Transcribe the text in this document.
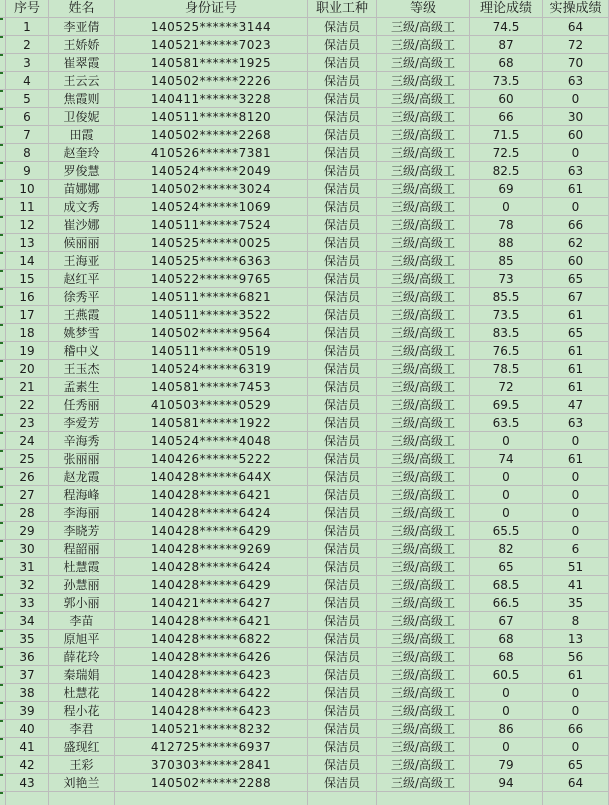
序号	姓名	身份证号	职业工种	等级	理论成绩	实操成绩
1	李亚倩	140525******3144	保洁员	三级/高级工	74.5	64
2	王娇娇	140521******7023	保洁员	三级/高级工	87	72
3	崔翠霞	140581******1925	保洁员	三级/高级工	68	70
4	王云云	140502******2226	保洁员	三级/高级工	73.5	63
5	焦霞则	140411******3228	保洁员	三级/高级工	60	0
6	卫俊妮	140511******8120	保洁员	三级/高级工	66	30
7	田霞	140502******2268	保洁员	三级/高级工	71.5	60
8	赵奎玲	410526******7381	保洁员	三级/高级工	72.5	0
9	罗俊慧	140524******2049	保洁员	三级/高级工	82.5	63
10	苗娜娜	140502******3024	保洁员	三级/高级工	69	61
11	成文秀	140524******1069	保洁员	三级/高级工	0	0
12	崔沙娜	140511******7524	保洁员	三级/高级工	78	66
13	候丽丽	140525******0025	保洁员	三级/高级工	88	62
14	王海亚	140525******6363	保洁员	三级/高级工	85	60
15	赵红平	140522******9765	保洁员	三级/高级工	73	65
16	徐秀平	140511******6821	保洁员	三级/高级工	85.5	67
17	王燕霞	140511******3522	保洁员	三级/高级工	73.5	61
18	姚梦雪	140502******9564	保洁员	三级/高级工	83.5	65
19	稽中义	140511******0519	保洁员	三级/高级工	76.5	61
20	王玉杰	140524******6319	保洁员	三级/高级工	78.5	61
21	孟素生	140581******7453	保洁员	三级/高级工	72	61
22	任秀丽	410503******0529	保洁员	三级/高级工	69.5	47
23	李爱芳	140581******1922	保洁员	三级/高级工	63.5	63
24	辛海秀	140524******4048	保洁员	三级/高级工	0	0
25	张丽丽	140426******5222	保洁员	三级/高级工	74	61
26	赵龙霞	140428******644X	保洁员	三级/高级工	0	0
27	程海峰	140428******6421	保洁员	三级/高级工	0	0
28	李海丽	140428******6424	保洁员	三级/高级工	0	0
29	李晓芳	140428******6429	保洁员	三级/高级工	65.5	0
30	程韶丽	140428******9269	保洁员	三级/高级工	82	6
31	杜慧霞	140428******6424	保洁员	三级/高级工	65	51
32	孙慧丽	140428******6429	保洁员	三级/高级工	68.5	41
33	郭小丽	140421******6427	保洁员	三级/高级工	66.5	35
34	李苗	140428******6421	保洁员	三级/高级工	67	8
35	原旭平	140428******6822	保洁员	三级/高级工	68	13
36	薛花玲	140428******6426	保洁员	三级/高级工	68	56
37	秦瑞娟	140428******6423	保洁员	三级/高级工	60.5	61
38	杜慧花	140428******6422	保洁员	三级/高级工	0	0
39	程小花	140428******6423	保洁员	三级/高级工	0	0
40	李君	140521******8232	保洁员	三级/高级工	86	66
41	盛现红	412725******6937	保洁员	三级/高级工	0	0
42	王彩	370303******2841	保洁员	三级/高级工	79	65
43	刘艳兰	140502******2288	保洁员	三级/高级工	94	64
